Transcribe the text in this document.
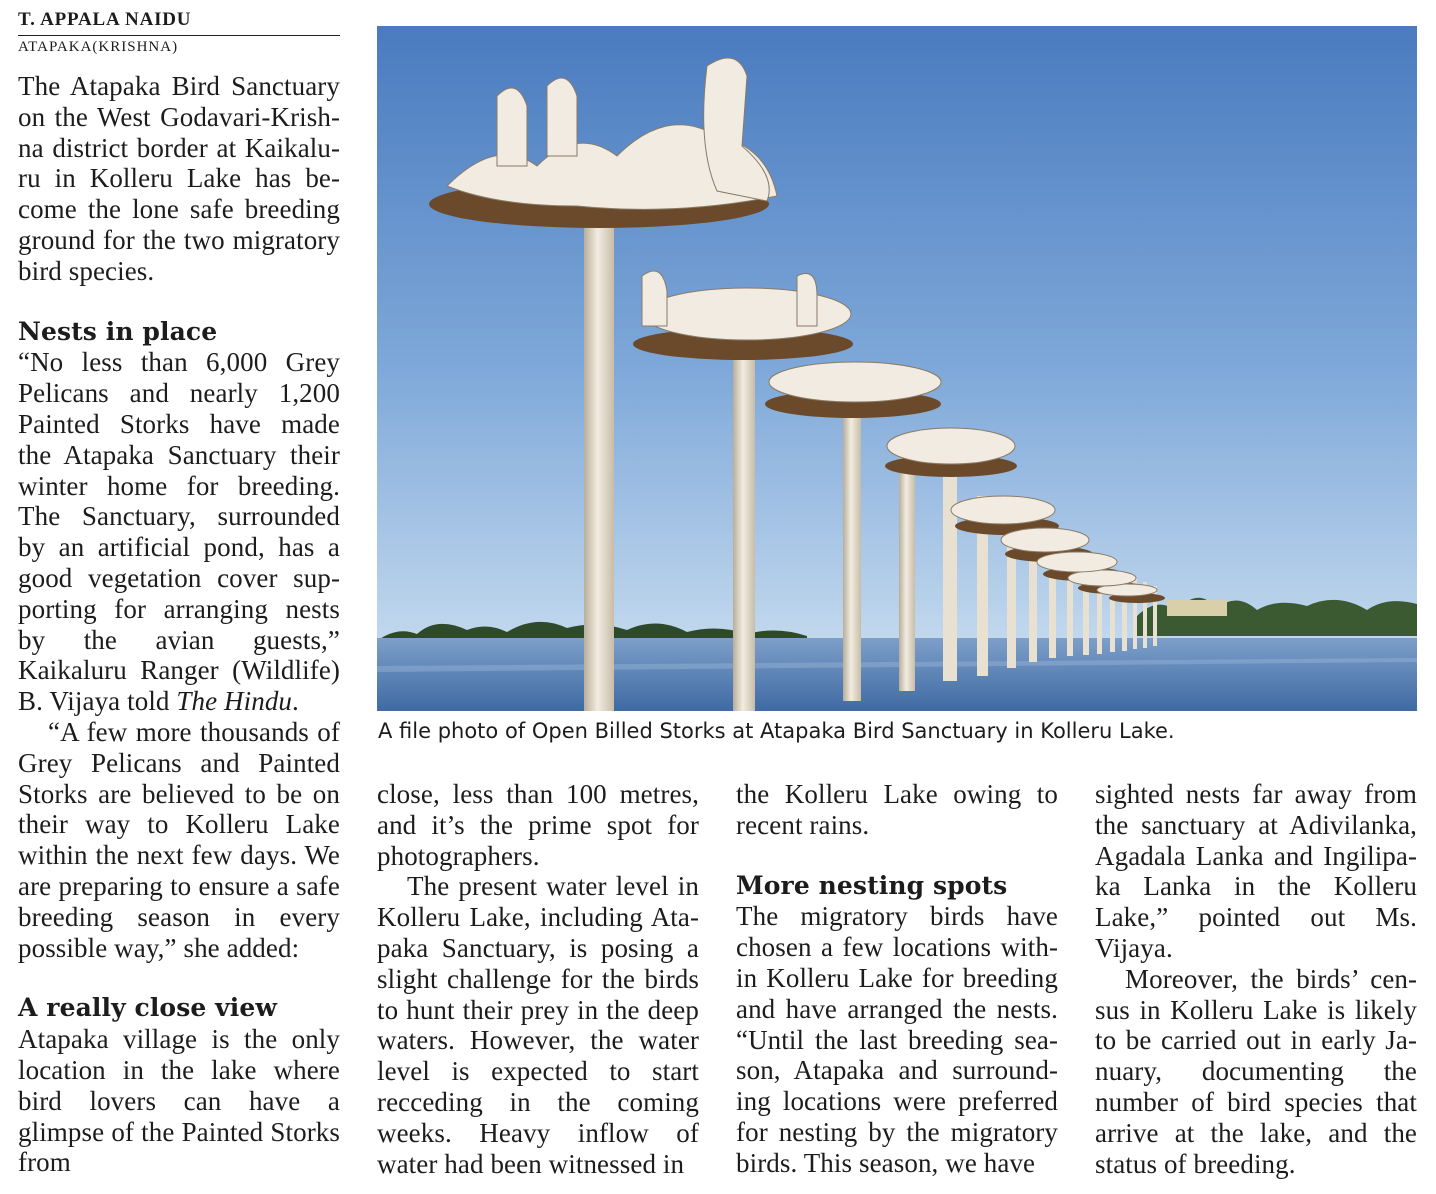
T. APPALA NAIDU
ATAPAKA(KRISHNA)

The Atapaka Bird Sanctuary on the West Godavari-Krishna district border at Kaikaluru in Kolleru Lake has become the lone safe breeding ground for the two migratory bird species.

Nests in place

“No less than 6,000 Grey Pelicans and nearly 1,200 Painted Storks have made the Atapaka Sanctuary their winter home for breeding. The Sanctuary, surrounded by an artificial pond, has a good vegetation cover supporting for arranging nests by the avian guests,” Kaikaluru Ranger (Wildlife) B. Vijaya told The Hindu.

“A few more thousands of Grey Pelicans and Painted Storks are believed to be on their way to Kolleru Lake within the next few days. We are preparing to ensure a safe breeding season in every possible way,” she added:

A really close view

Atapaka village is the only location in the lake where bird lovers can have a glimpse of the Painted Storks from

A file photo of Open Billed Storks at Atapaka Bird Sanctuary in Kolleru Lake.

close, less than 100 metres, and it’s the prime spot for photographers.

The present water level in Kolleru Lake, including Atapaka Sanctuary, is posing a slight challenge for the birds to hunt their prey in the deep waters. However, the water level is expected to start recceding in the coming weeks. Heavy inflow of water had been witnessed in

the Kolleru Lake owing to recent rains.

More nesting spots

The migratory birds have chosen a few locations within Kolleru Lake for breeding and have arranged the nests. “Until the last breeding season, Atapaka and surrounding locations were preferred for nesting by the migratory birds. This season, we have

sighted nests far away from the sanctuary at Adivilanka, Agadala Lanka and Ingilipaka Lanka in the Kolleru Lake,” pointed out Ms. Vijaya.

Moreover, the birds’ census in Kolleru Lake is likely to be carried out in early January, documenting the number of bird species that arrive at the lake, and the status of breeding.
